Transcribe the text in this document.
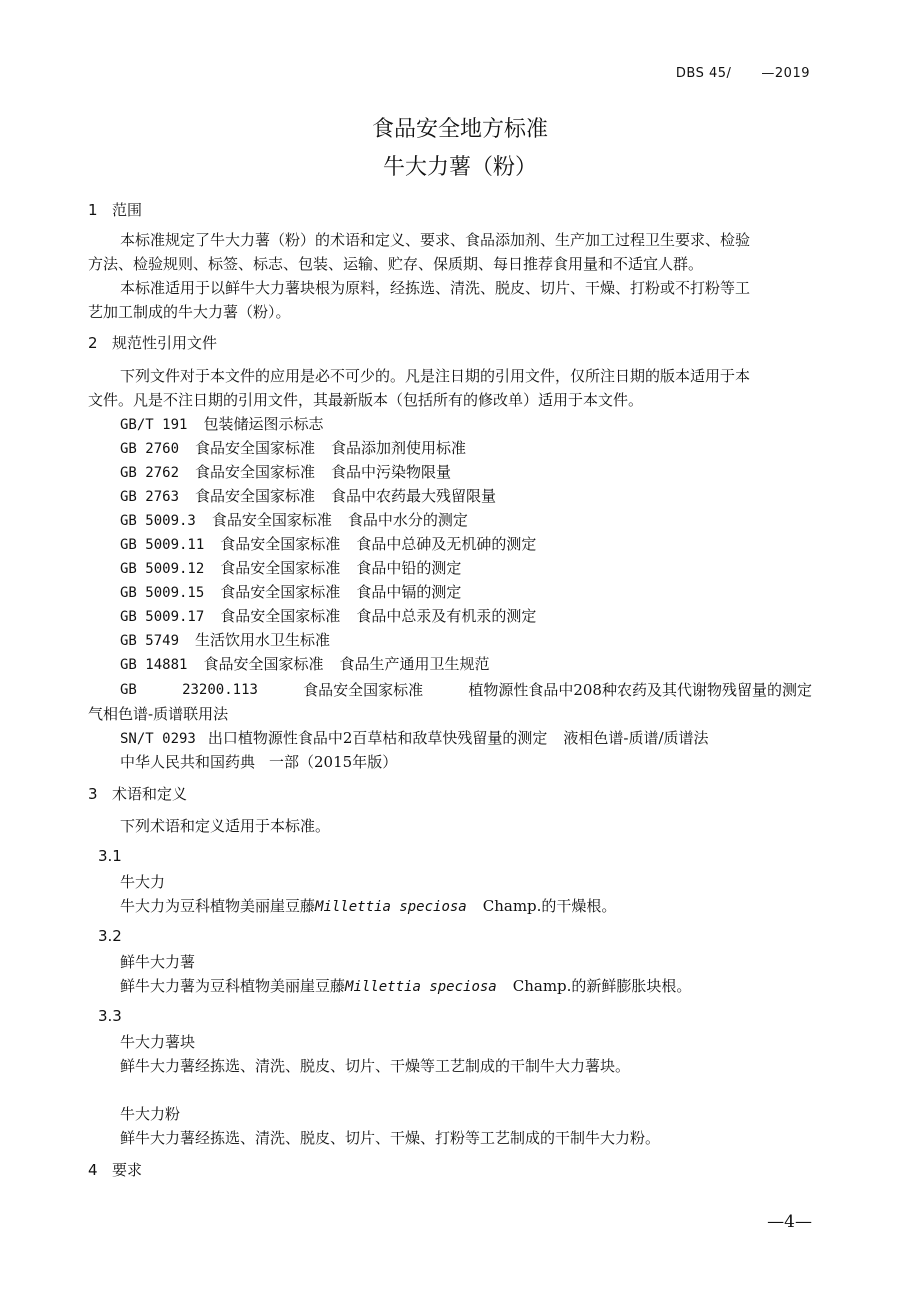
DBS 45/ —2019
食品安全地方标准
牛大力薯（粉）
1 范围
本标准规定了牛大力薯（粉）的术语和定义、要求、食品添加剂、生产加工过程卫生要求、检验
方法、检验规则、标签、标志、包装、运输、贮存、保质期、每日推荐食用量和不适宜人群。
本标准适用于以鲜牛大力薯块根为原料，经拣选、清洗、脱皮、切片、干燥、打粉或不打粉等工
艺加工制成的牛大力薯（粉）。
2 规范性引用文件
下列文件对于本文件的应用是必不可少的。凡是注日期的引用文件，仅所注日期的版本适用于本
文件。凡是不注日期的引用文件，其最新版本（包括所有的修改单）适用于本文件。
GB/T 191 包装储运图示标志
GB 2760 食品安全国家标准 食品添加剂使用标准
GB 2762 食品安全国家标准 食品中污染物限量
GB 2763 食品安全国家标准 食品中农药最大残留限量
GB 5009.3 食品安全国家标准 食品中水分的测定
GB 5009.11 食品安全国家标准 食品中总砷及无机砷的测定
GB 5009.12 食品安全国家标准 食品中铅的测定
GB 5009.15 食品安全国家标准 食品中镉的测定
GB 5009.17 食品安全国家标准 食品中总汞及有机汞的测定
GB 5749 生活饮用水卫生标准
GB 14881 食品安全国家标准 食品生产通用卫生规范
GB	23200.113	食品安全国家标准	植物源性食品中208种农药及其代谢物残留量的测定
气相色谱-质谱联用法
SN/T 0293 出口植物源性食品中2百草枯和敌草快残留量的测定 液相色谱-质谱/质谱法
中华人民共和国药典 一部（2015年版）
3 术语和定义
下列术语和定义适用于本标准。
3.1
牛大力
牛大力为豆科植物美丽崖豆藤Millettia speciosa Champ.的干燥根。
3.2
鲜牛大力薯
鲜牛大力薯为豆科植物美丽崖豆藤Millettia speciosa Champ.的新鲜膨胀块根。
3.3
牛大力薯块
鲜牛大力薯经拣选、清洗、脱皮、切片、干燥等工艺制成的干制牛大力薯块。
牛大力粉
鲜牛大力薯经拣选、清洗、脱皮、切片、干燥、打粉等工艺制成的干制牛大力粉。
4 要求
—4—
